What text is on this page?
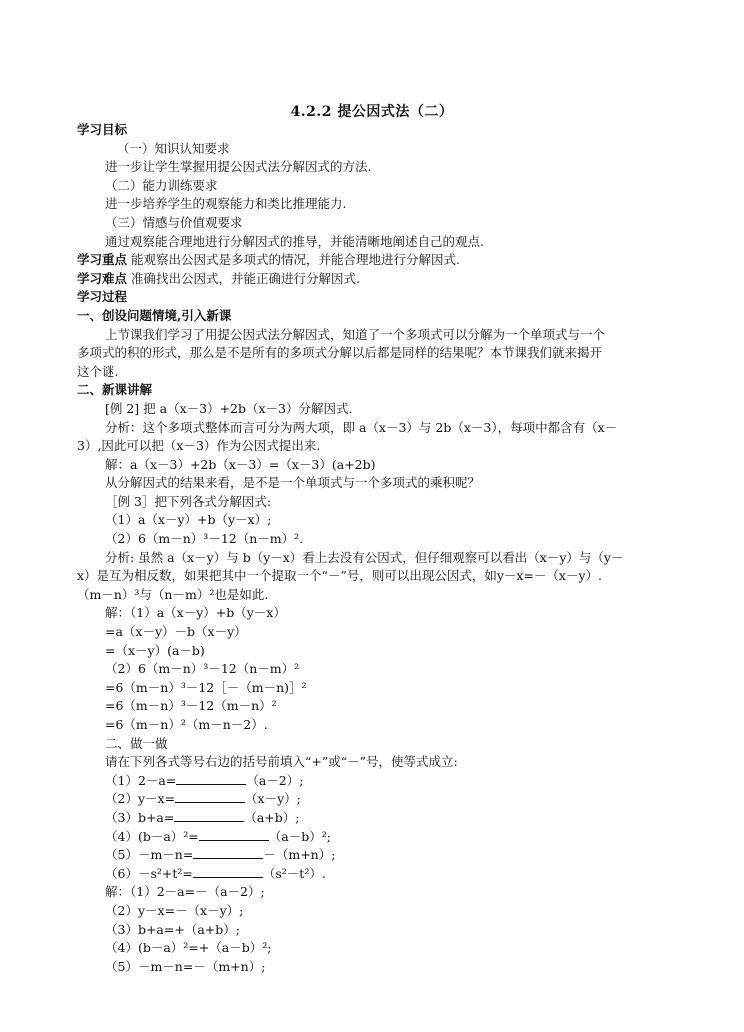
4.2.2 提公因式法（二）
学习目标
（一）知识认知要求
进一步让学生掌握用提公因式法分解因式的方法.
（二）能力训练要求
进一步培养学生的观察能力和类比推理能力.
（三）情感与价值观要求
通过观察能合理地进行分解因式的推导，并能清晰地阐述自己的观点.
学习重点 能观察出公因式是多项式的情况，并能合理地进行分解因式.
学习难点 准确找出公因式，并能正确进行分解因式.
学习过程
一、创设问题情境,引入新课
上节课我们学习了用提公因式法分解因式，知道了一个多项式可以分解为一个单项式与一个
多项式的积的形式，那么是不是所有的多项式分解以后都是同样的结果呢？本节课我们就来揭开
这个谜.
二、新课讲解
[例 2] 把 a（x－3）+2b（x－3）分解因式.
分析：这个多项式整体而言可分为两大项，即 a（x－3）与 2b（x－3），每项中都含有（x－
3）,因此可以把（x－3）作为公因式提出来.
解：a（x－3）+2b（x－3）=（x－3）(a+2b)
从分解因式的结果来看，是不是一个单项式与一个多项式的乘积呢？
［例 3］把下列各式分解因式:
（1）a（x－y）+b（y－x）;
（2）6（m－n）³－12（n－m）².
分析: 虽然 a（x－y）与 b（y－x）看上去没有公因式，但仔细观察可以看出（x－y）与（y－
x）是互为相反数，如果把其中一个提取一个“－”号，则可以出现公因式，如y－x=－（x－y）.
（m－n）³与（n－m）²也是如此.
解：（1）a（x－y）+b（y－x）
=a（x－y）－b（x－y）
=（x－y）(a－b)
（2）6（m－n）³－12（n－m）²
=6（m－n）³－12［－（m－n)］²
=6（m－n）³－12（m－n）²
=6（m－n）²（m－n－2）.
二、做一做
请在下列各式等号右边的括号前填入“+”或“－”号，使等式成立:
（1）2－a=	（a－2）;
（2）y－x=	（x－y）;
（3）b+a=	（a+b）;
（4）(b－a）²=	（a－b）²;
（5）－m－n=	－（m+n）;
（6）－s²+t²=	（s²－t²）.
解：（1）2－a=－（a－2）;
（2）y－x=－（x－y）;
（3）b+a=+（a+b）;
（4）(b－a）²=+（a－b）²;
（5）－m－n=－（m+n）;
